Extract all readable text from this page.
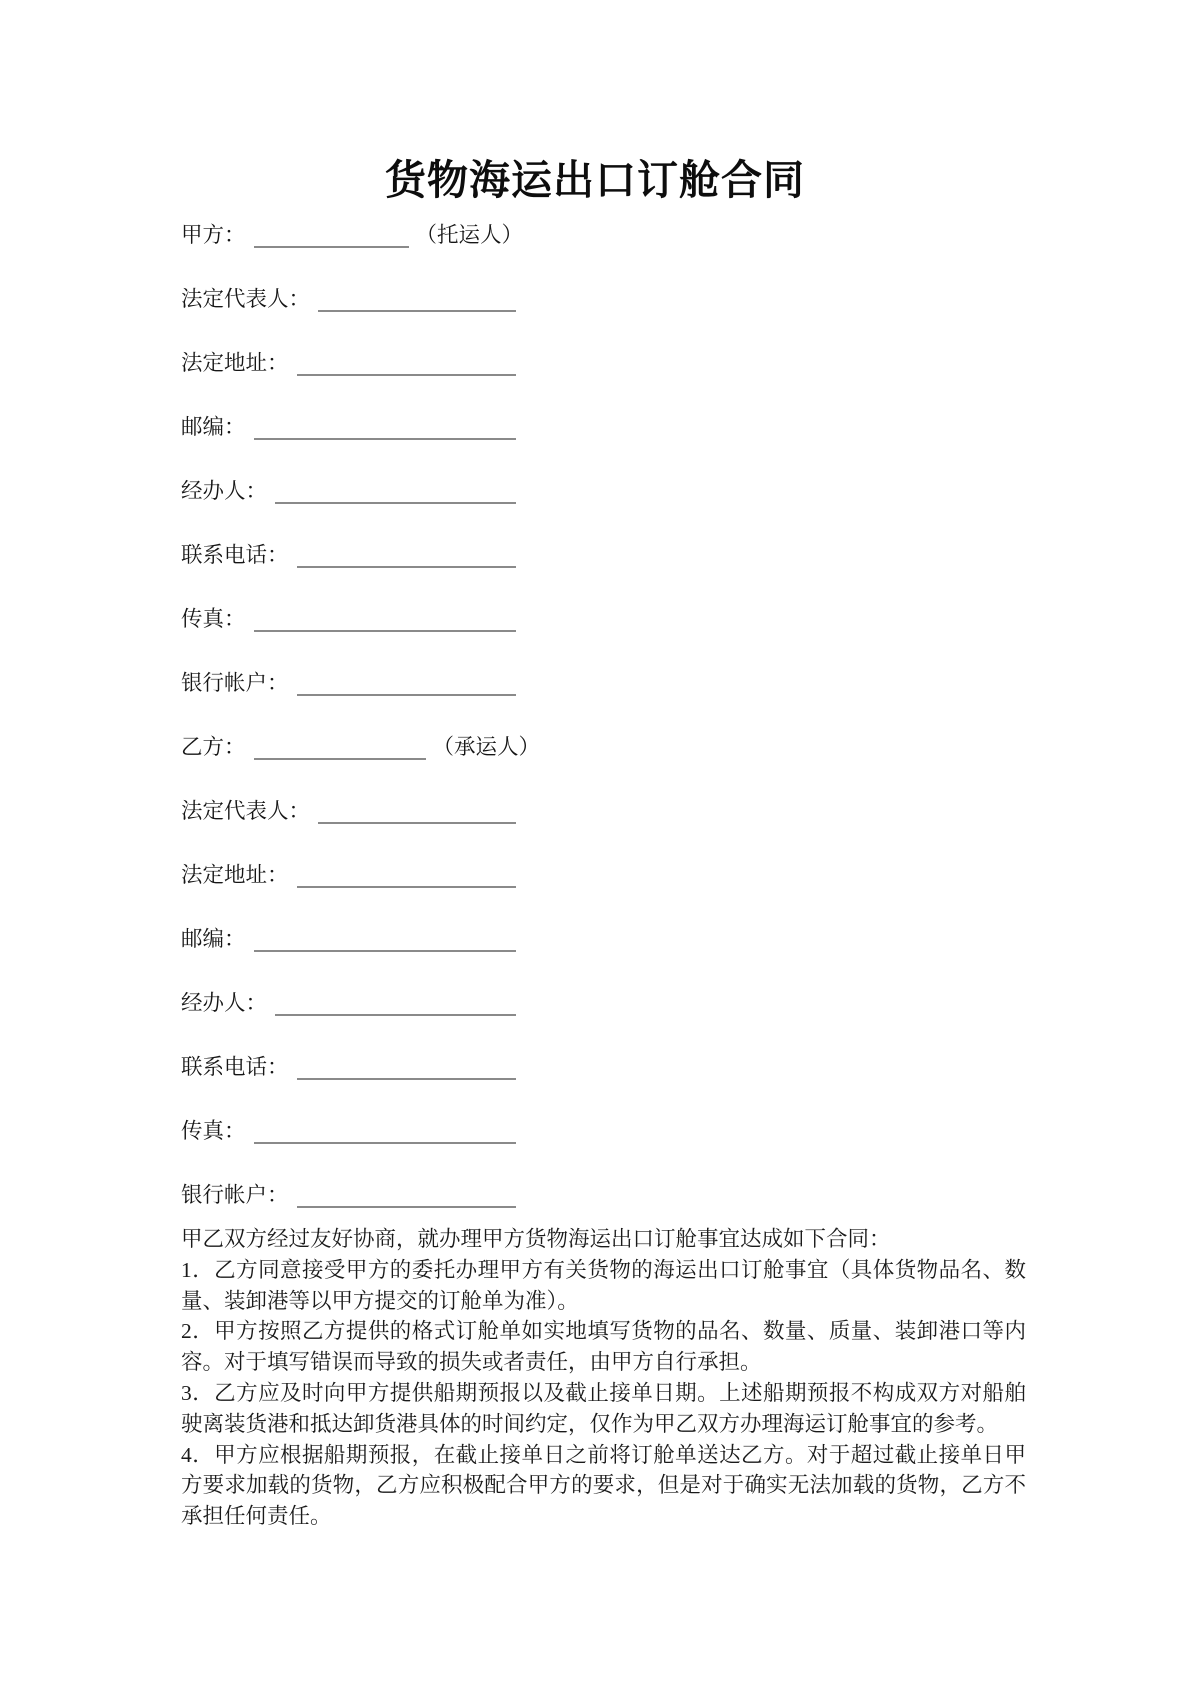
货物海运出口订舱合同
甲方：	（托运人）
法定代表人：
法定地址：
邮编：
经办人：
联系电话：
传真：
银行帐户：
乙方：	（承运人）
法定代表人：
法定地址：
邮编：
经办人：
联系电话：
传真：
银行帐户：

甲乙双方经过友好协商，就办理甲方货物海运出口订舱事宜达成如下合同：

1．乙方同意接受甲方的委托办理甲方有关货物的海运出口订舱事宜（具体货物品名、数量、装卸港等以甲方提交的订舱单为准）。

2．甲方按照乙方提供的格式订舱单如实地填写货物的品名、数量、质量、装卸港口等内容。对于填写错误而导致的损失或者责任，由甲方自行承担。

3．乙方应及时向甲方提供船期预报以及截止接单日期。上述船期预报不构成双方对船舶驶离装货港和抵达卸货港具体的时间约定，仅作为甲乙双方办理海运订舱事宜的参考。

4．甲方应根据船期预报，在截止接单日之前将订舱单送达乙方。对于超过截止接单日甲方要求加载的货物，乙方应积极配合甲方的要求，但是对于确实无法加载的货物，乙方不承担任何责任。
